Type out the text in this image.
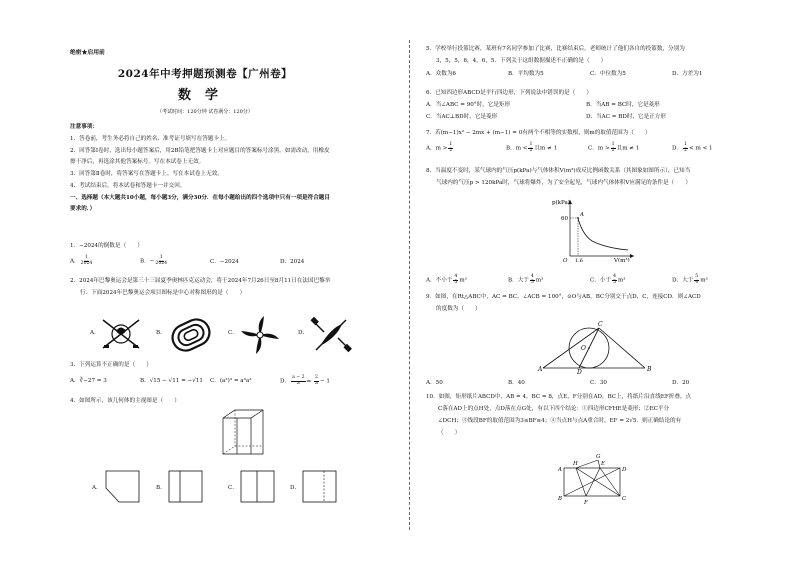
绝密★启用前
2024年中考押题预测卷【广州卷】
数学
（考试时间：120分钟 试卷满分：120分）
注意事项：
1．答卷前，考生务必将自己的姓名、准考证号填写在答题卡上。
2．回答第Ⅰ卷时，选出每小题答案后，用2B铅笔把答题卡上对应题目的答案标号涂黑。如需改动，用橡皮
擦干净后，再选涂其他答案标号。写在本试卷上无效。
3．回答第Ⅱ卷时，将答案写在答题卡上。写在本试卷上无效。
4．考试结束后，将本试卷和答题卡一并交回。
一、选择题（本大题共10小题，每小题3分，满分30分．在每小题给出的四个选项中只有一项是符合题目
要求的．）
1．−2024的倒数是（　　）
A． $\frac{1}{2024}$	B．− $\frac{1}{2024}$	C．−2024	D．2024
2．2024年巴黎奥运会是第三十三届夏季奥林匹克运动会，将于2024年7月26日至8月11日在法国巴黎举
行．下面2024年巴黎奥运会项目图标是中心对称图形的是（　　）
A．	B．	C．	D．
3．下列运算不正确的是（　　）
A．∛−27 = 3	B．√15 − √11 = −√11	C．(a²)³ = a³a³	D． $\frac{a - 2}{a} = \frac{2}{a} - 1$
4．如图所示，该几何体的主视图是（　　）
A．	B．	C．	D．
5．学校举行投篮比赛，某班有7名同学参加了比赛，比赛结束后，老师统计了他们各自的投篮数，分别为
3，5，5，6，4，6，5．下列关于这组数据描述不正确的是（　　）
A．众数为6	B．平均数为5	C．中位数为5	D．方差为1
6．已知四边形ABCD是平行四边形，下列说法中错误的是（　　）
A．当∠ABC = 90°时，它是矩形	B．当AB = BC时，它是菱形
C．当AC⊥BD时，它是菱形	D．当AC = BD时，它是正方形
7．若(m−1)x² − 2mx + (m−1) = 0有两个不相等的实数根，则m的取值范围为（　　）
A．$m > \frac{1}{2}$	B．$m < \frac{1}{2}$ 且m ≠ 1	C．$m > \frac{1}{2}$ 且m ≠ 1	D． $\frac{1}{2} < m < 1$
8．当温度不变时，某气球内的气压p(kPa)与气体体积V(m³)成反比例函数关系（其图象如图所示），已知当
气球内的气压p > 120kPa时，气球将爆炸，为了安全起见，气球内气体体积V应满足的条件是（　　）
p(kPa)
V(m³)
60
A
O 1.6
A．不小于 $\frac{4}{5} m^3$	B．大于 $\frac{4}{5} m^3$	C．小于 $\frac{4}{5} m^3$	D．大于 $\frac{5}{4} m^3$
9．如图，在Rt△ABC中，AC = BC，∠ACB = 100°，⊙O与AB，BC分别交于点D，C，连接CD．则∠ACD
的度数为（　　）
A	B
C
D
O
A．50	B．40	C．30	D．20
10．如图，矩形纸片ABCD中，AB = 4，BC = 8，点E，F分别在AD，BC上，将纸片沿直线EF折叠，点
C落在AD上的点H处，点D落在点G处，有以下四个结论：①四边形CFHE是菱形；②EC平分
∠DCH；③线段BF的取值范围为3≤BF≤4；④当点H与点A重合时，EF = 2√5．则正确结论的有
（　　）
A
B	C
D
E
F
G
H
